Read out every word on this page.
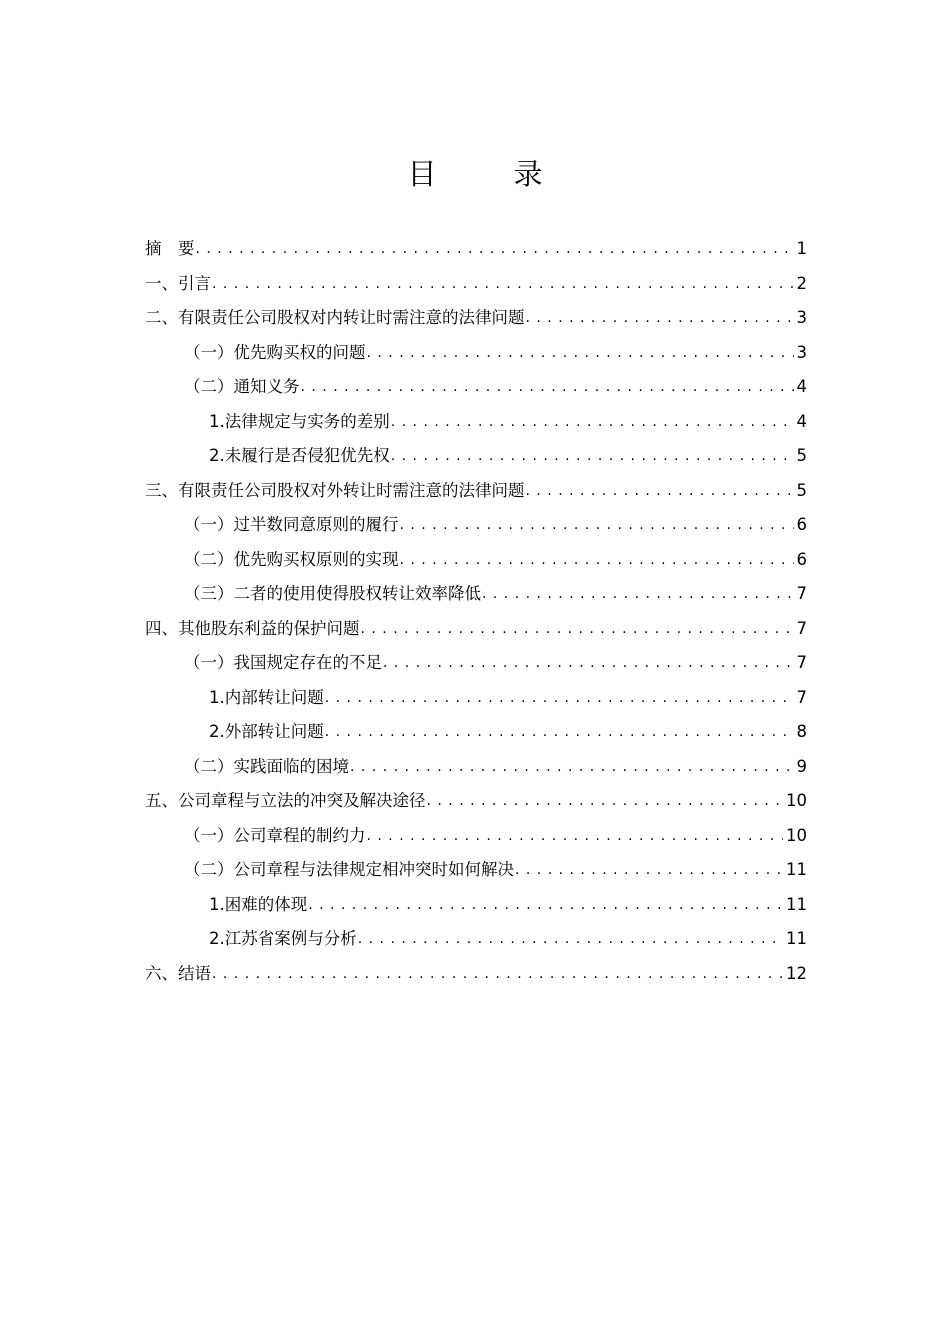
目　录
摘　要 . . .	1
一、引言 . . .	2
二、有限责任公司股权对内转让时需注意的法律问题 . . .	3
（一）优先购买权的问题 . . .	3
（二）通知义务 . . .	4
1.法律规定与实务的差别 . . .	4
2.未履行是否侵犯优先权 . . .	5
三、有限责任公司股权对外转让时需注意的法律问题 . . .	5
（一）过半数同意原则的履行 . . .	6
（二）优先购买权原则的实现 . . .	6
（三）二者的使用使得股权转让效率降低 . . .	7
四、其他股东利益的保护问题 . . .	7
（一）我国规定存在的不足 . . .	7
1.内部转让问题 . . .	7
2.外部转让问题 . . .	8
（二）实践面临的困境 . . .	9
五、公司章程与立法的冲突及解决途径 . . .	10
（一）公司章程的制约力 . . .	10
（二）公司章程与法律规定相冲突时如何解决 . . .	11
1.困难的体现 . . .	11
2.江苏省案例与分析 . . .	11
六、结语 . . .	12
